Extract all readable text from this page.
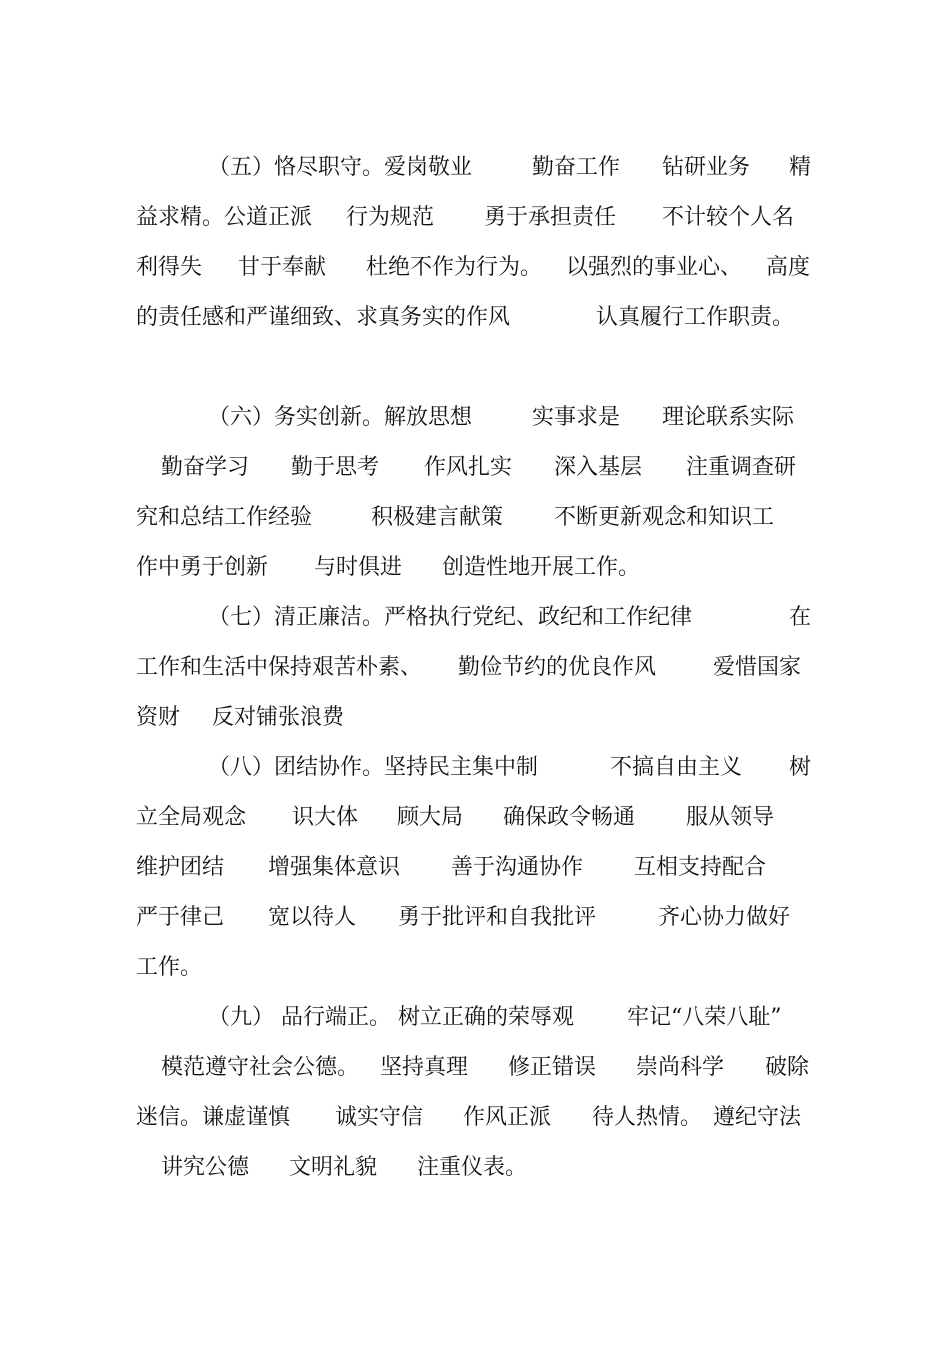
（五）恪尽职守。爱岗敬业

	勤奋工作

钻研业务

精

益求精。公道正派

行为规范

勇于承担责任

不计较个人名

利得失

甘于奉献

杜绝不作为行为。

以强烈的事业心、

高度

的责任感和严谨细致、求真务实的作风

	认真履行工作职责。

（六）务实创新。解放思想

	实事求是

理论联系实际

勤奋学习

勤于思考

作风扎实

深入基层

注重调查研

究和总结工作经验

	积极建言献策

不断更新观念和知识工

作中勇于创新

与时俱进

创造性地开展工作。

（七）清正廉洁。严格执行党纪、政纪和工作纪律

	在

工作和生活中保持艰苦朴素、

勤俭节约的优良作风

	爱惜国家

资财

反对铺张浪费

（八）团结协作。坚持民主集中制

	不搞自由主义

树

立全局观念

识大体

顾大局

确保政令畅通

服从领导

维护团结

增强集体意识

善于沟通协作

互相支持配合

严于律己

宽以待人

勇于批评和自我批评

	齐心协力做好

工作。

（九） 品行端正。 树立正确的荣辱观

牢记“八荣八耻”

模范遵守社会公德。

坚持真理

修正错误

崇尚科学

破除

迷信。谦虚谨慎

诚实守信

作风正派

待人热情。

遵纪守法

讲究公德

文明礼貌

注重仪表。
